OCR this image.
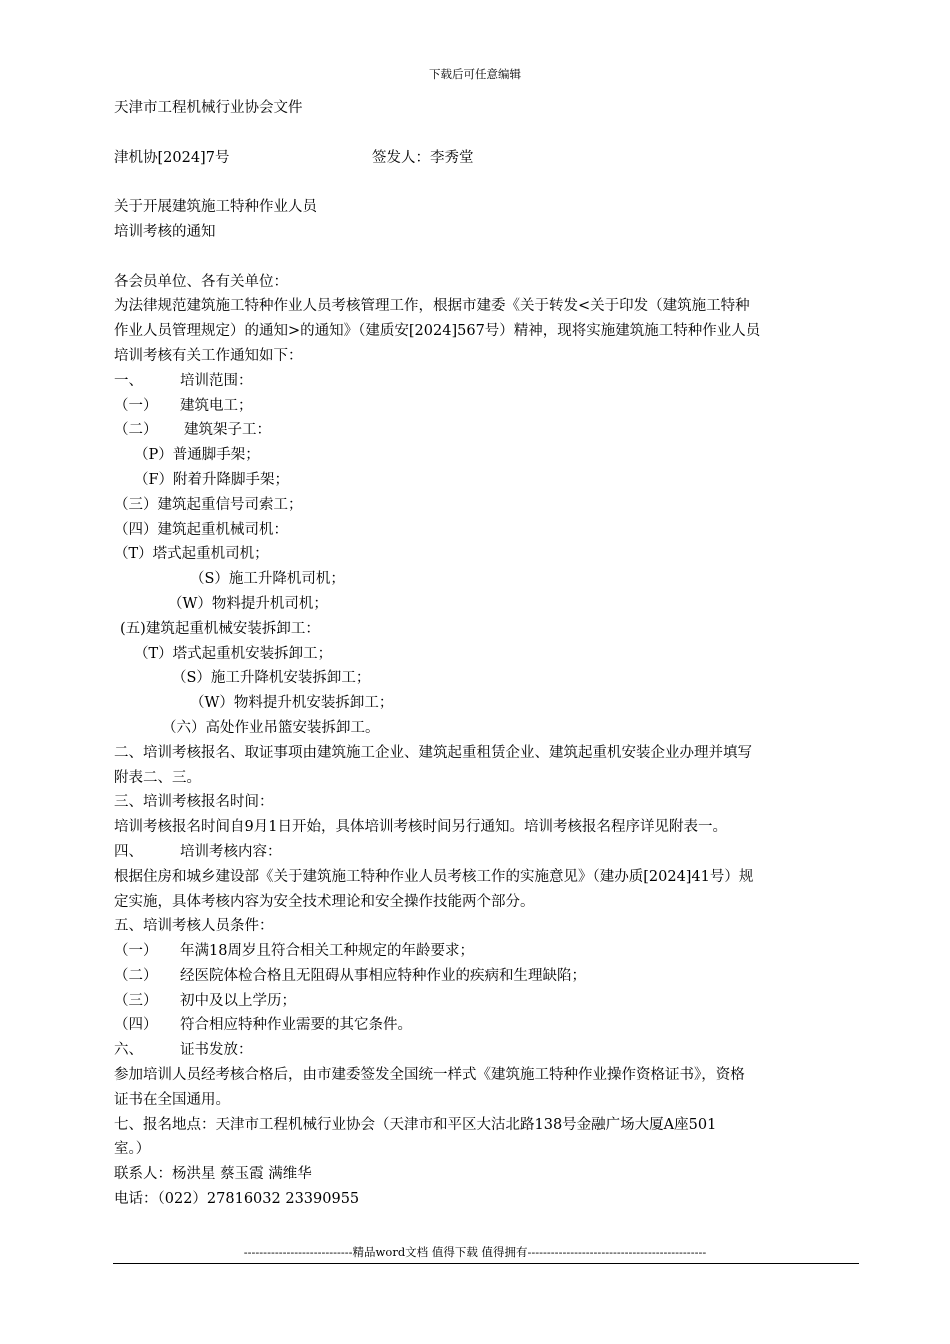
下载后可任意编辑

天津市工程机械行业协会文件

津机协[2024]7号	签发人：李秀堂

关于开展建筑施工特种作业人员

培训考核的通知

各会员单位、各有关单位：

为法律规范建筑施工特种作业人员考核管理工作，根据市建委《关于转发<关于印发（建筑施工特种

作业人员管理规定）的通知>的通知》（建质安[2024]567号）精神，现将实施建筑施工特种作业人员

培训考核有关工作通知如下：

一、	培训范围：

（一） 建筑电工；

（二） 建筑架子工：

（P）普通脚手架；

（F）附着升降脚手架；

（三）建筑起重信号司索工；

（四）建筑起重机械司机：

（T）塔式起重机司机；

（S）施工升降机司机；

（W）物料提升机司机；

(五)建筑起重机械安装拆卸工：

（T）塔式起重机安装拆卸工；

（S）施工升降机安装拆卸工；

（W）物料提升机安装拆卸工；

（六）高处作业吊篮安装拆卸工。

二、培训考核报名、取证事项由建筑施工企业、建筑起重租赁企业、建筑起重机安装企业办理并填写

附表二、三。

三、培训考核报名时间：

培训考核报名时间自9月1日开始，具体培训考核时间另行通知。培训考核报名程序详见附表一。

四、	培训考核内容：

根据住房和城乡建设部《关于建筑施工特种作业人员考核工作的实施意见》（建办质[2024]41号）规

定实施，具体考核内容为安全技术理论和安全操作技能两个部分。

五、培训考核人员条件：

（一） 年满18周岁且符合相关工种规定的年龄要求；

（二） 经医院体检合格且无阻碍从事相应特种作业的疾病和生理缺陷；

（三） 初中及以上学历；

（四） 符合相应特种作业需要的其它条件。

六、	证书发放：

参加培训人员经考核合格后，由市建委签发全国统一样式《建筑施工特种作业操作资格证书》，资格

证书在全国通用。

七、报名地点：天津市工程机械行业协会（天津市和平区大沽北路138号金融广场大厦A座501

室。）

联系人：杨洪星 蔡玉霞 满维华

电话：（022）27816032 23390955

----------------------------精品word文档 值得下载 值得拥有----------------------------------------------
